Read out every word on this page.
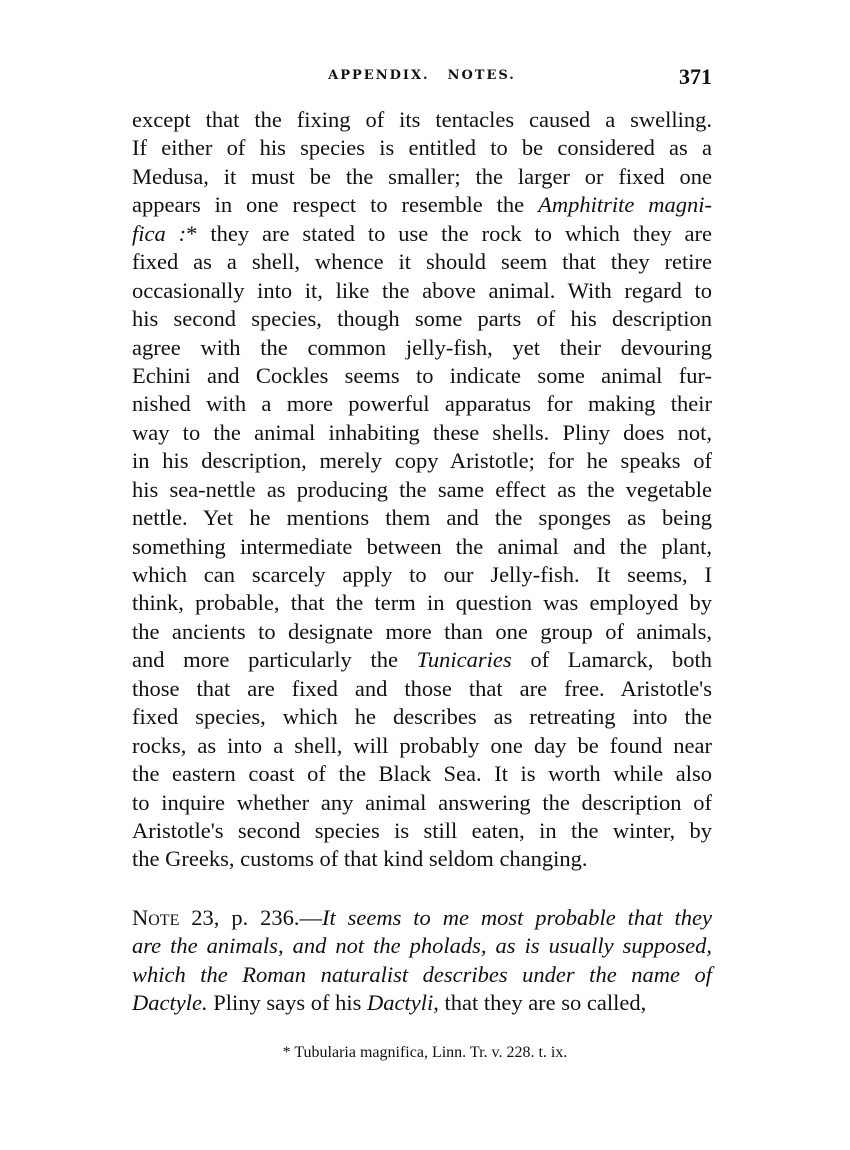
APPENDIX. NOTES.	371
except that the fixing of its tentacles caused a swelling.
If either of his species is entitled to be considered as a
Medusa, it must be the smaller; the larger or fixed one
appears in one respect to resemble the Amphitrite magni-
fica :* they are stated to use the rock to which they are
fixed as a shell, whence it should seem that they retire
occasionally into it, like the above animal. With regard to
his second species, though some parts of his description
agree with the common jelly-fish, yet their devouring
Echini and Cockles seems to indicate some animal fur-
nished with a more powerful apparatus for making their
way to the animal inhabiting these shells. Pliny does not,
in his description, merely copy Aristotle; for he speaks of
his sea-nettle as producing the same effect as the vegetable
nettle. Yet he mentions them and the sponges as being
something intermediate between the animal and the plant,
which can scarcely apply to our Jelly-fish. It seems, I
think, probable, that the term in question was employed by
the ancients to designate more than one group of animals,
and more particularly the Tunicaries of Lamarck, both
those that are fixed and those that are free. Aristotle's
fixed species, which he describes as retreating into the
rocks, as into a shell, will probably one day be found near
the eastern coast of the Black Sea. It is worth while also
to inquire whether any animal answering the description of
Aristotle's second species is still eaten, in the winter, by
the Greeks, customs of that kind seldom changing.
Note 23, p. 236.—It seems to me most probable that they
are the animals, and not the pholads, as is usually supposed,
which the Roman naturalist describes under the name of
Dactyle. Pliny says of his Dactyli, that they are so called,
* Tubularia magnifica, Linn. Tr. v. 228. t. ix.
